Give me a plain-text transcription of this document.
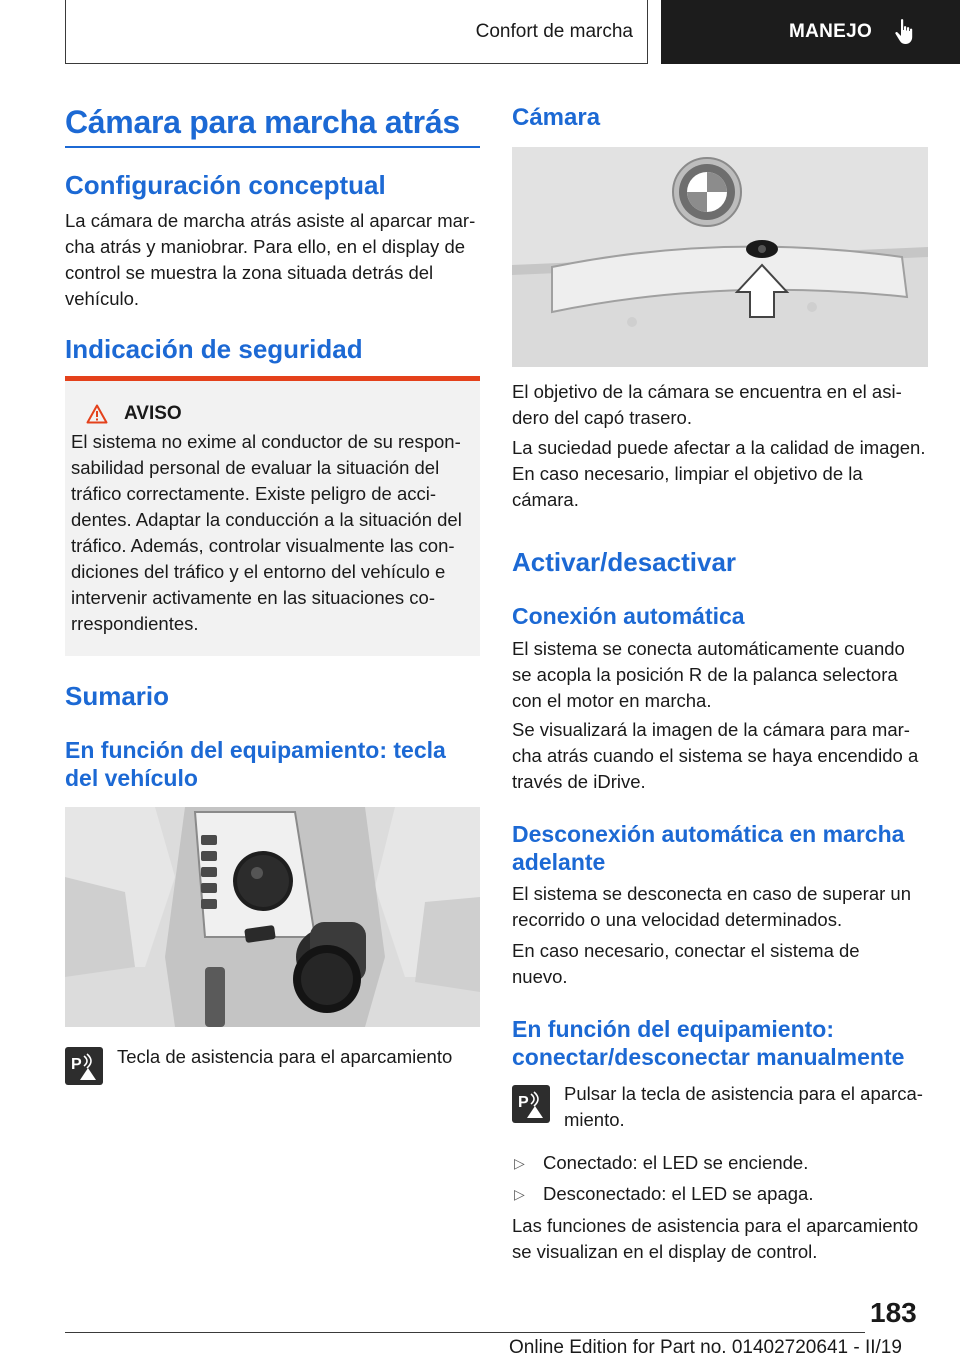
Confort de marcha	MANEJO
Cámara para marcha atrás
Configuración conceptual

La cámara de marcha atrás asiste al aparcar marcha atrás y maniobrar. Para ello, en el display de control se muestra la zona situada detrás del vehículo.

Indicación de seguridad
AVISO

El sistema no exime al conductor de su responsabilidad personal de evaluar la situación del tráfico correctamente. Existe peligro de accidentes. Adaptar la conducción a la situación del tráfico. Además, controlar visualmente las condiciones del tráfico y el entorno del vehículo e intervenir activamente en las situaciones correspondientes.

Sumario
En función del equipamiento: tecla del vehículo
P Tecla de asistencia para el aparcamiento
Cámara

El objetivo de la cámara se encuentra en el asidero del capó trasero.

La suciedad puede afectar a la calidad de imagen. En caso necesario, limpiar el objetivo de la cámara.

Activar/desactivar
Conexión automática

El sistema se conecta automáticamente cuando se acopla la posición R de la palanca selectora con el motor en marcha.

Se visualizará la imagen de la cámara para marcha atrás cuando el sistema se haya encendido a través de iDrive.

Desconexión automática en marcha adelante

El sistema se desconecta en caso de superar un recorrido o una velocidad determinados.

En caso necesario, conectar el sistema de nuevo.

En función del equipamiento: conectar/desconectar manualmente
P Pulsar la tecla de asistencia para el aparcamiento.
▷ Conectado: el LED se enciende.
▷ Desconectado: el LED se apaga.

Las funciones de asistencia para el aparcamiento se visualizan en el display de control.

183
Online Edition for Part no. 01402720641 - II/19
